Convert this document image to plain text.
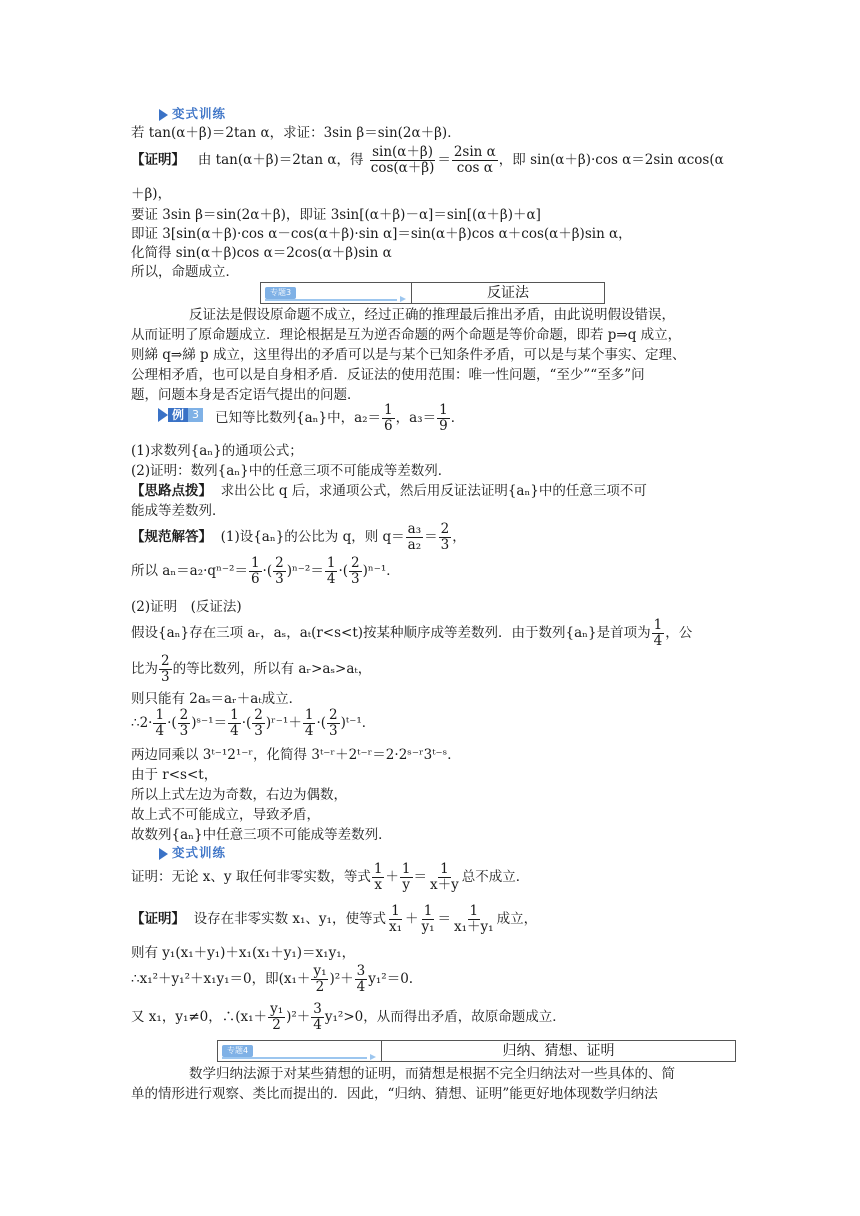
变式训练
若 tan(α＋β)＝2tan α，求证：3sin β＝sin(2α＋β)．
【证明】 由 tan(α＋β)＝2tan α，得 $\frac{\sin(\alpha+\beta)}{\cos(\alpha+\beta)} = \frac{\text{2sin α}}{\text{cos α}}$ ，即 sin(α＋β)·cos α＝2sin αcos(α
＋β)，
要证 3sin β＝sin(2α＋β)，即证 3sin[(α＋β)－α]＝sin[(α＋β)＋α]
即证 3[sin(α＋β)·cos α－cos(α＋β)·sin α]＝sin(α＋β)cos α＋cos(α＋β)sin α，
化简得 sin(α＋β)cos α＝2cos(α＋β)sin α
所以，命题成立．
专题3	反证法
反证法是假设原命题不成立，经过正确的推理最后推出矛盾，由此说明假设错误，
从而证明了原命题成立．理论根据是互为逆否命题的两个命题是等价命题，即若 p⇒q 成立，
则綈 q⇒綈 p 成立，这里得出的矛盾可以是与某个已知条件矛盾，可以是与某个事实、定理、
公理相矛盾，也可以是自身相矛盾．反证法的使用范围：唯一性问题，“至少”“至多”问
题，问题本身是否定语气提出的问题．
例 3 已知等比数列{aₙ}中，$a_2= \frac{1}{6}$ ，$a_3= \frac{1}{9}$ ．
(1)求数列{aₙ}的通项公式；
(2)证明：数列{aₙ}中的任意三项不可能成等差数列．
【思路点拨】 求出公比 q 后，求通项公式，然后用反证法证明{aₙ}中的任意三项不可
能成等差数列．
【规范解答】 (1)设{aₙ}的公比为 q，则 $q= \frac{\text{a₃}}{\text{a₂}} = \frac{2}{3}$ ，
所以 $a_n=a_2\cdot q^{n-2}= \frac{1}{6}$ ·( $\frac{2}{3} )^{n-2}= \frac{1}{4}$ ·( $\frac{2}{3} )^{n-1}$．
(2)证明　(反证法)
假设{aₙ}存在三项 aᵣ，aₛ，aₜ(r<s<t)按某种顺序成等差数列．由于数列{aₙ}是首项为 $\frac{1}{4}$ ，公
比为 $\frac{2}{3}$ 的等比数列，所以有 aᵣ>aₛ>aₜ，
则只能有 2aₛ＝aᵣ＋aₜ成立．
∴2· $\frac{1}{4}$ ·( $\frac{2}{3}$ )ˢ⁻¹＝ $\frac{1}{4}$ ·( $\frac{2}{3}$ )ʳ⁻¹＋ $\frac{1}{4}$ ·( $\frac{2}{3}$ )ᵗ⁻¹．
两边同乘以 3ᵗ⁻¹2¹⁻ʳ，化简得 3ᵗ⁻ʳ＋2ᵗ⁻ʳ＝2·2ˢ⁻ʳ3ᵗ⁻ˢ．
由于 r<s<t，
所以上式左边为奇数，右边为偶数，
故上式不可能成立，导致矛盾，
故数列{aₙ}中任意三项不可能成等差数列．
变式训练
证明：无论 x、y 取任何非零实数，等式 $\frac{1}{x} + \frac{1}{y} = \frac{1}{x+y}$ 总不成立．
【证明】 设存在非零实数 x₁、y₁，使等式 $\frac{1}{\text{x₁}} + \frac{1}{\text{y₁}} = \frac{1}{\text{x₁＋y₁}}$ 成立，
则有 y₁(x₁＋y₁)＋x₁(x₁＋y₁)＝x₁y₁，
∴x₁²＋y₁²＋x₁y₁＝0，即$(x_1+ \frac{\text{y₁}}{2} )^2+ \frac{3}{4} y_1^2=0$.
又 x₁，y₁≠0，∴(x₁＋ $\frac{\text{y₁}}{2} )^2+ \frac{3}{4} y_1^2>0$，从而得出矛盾，故原命题成立．
专题4	归纳、猜想、证明
数学归纳法源于对某些猜想的证明，而猜想是根据不完全归纳法对一些具体的、简
单的情形进行观察、类比而提出的．因此，“归纳、猜想、证明”能更好地体现数学归纳法
